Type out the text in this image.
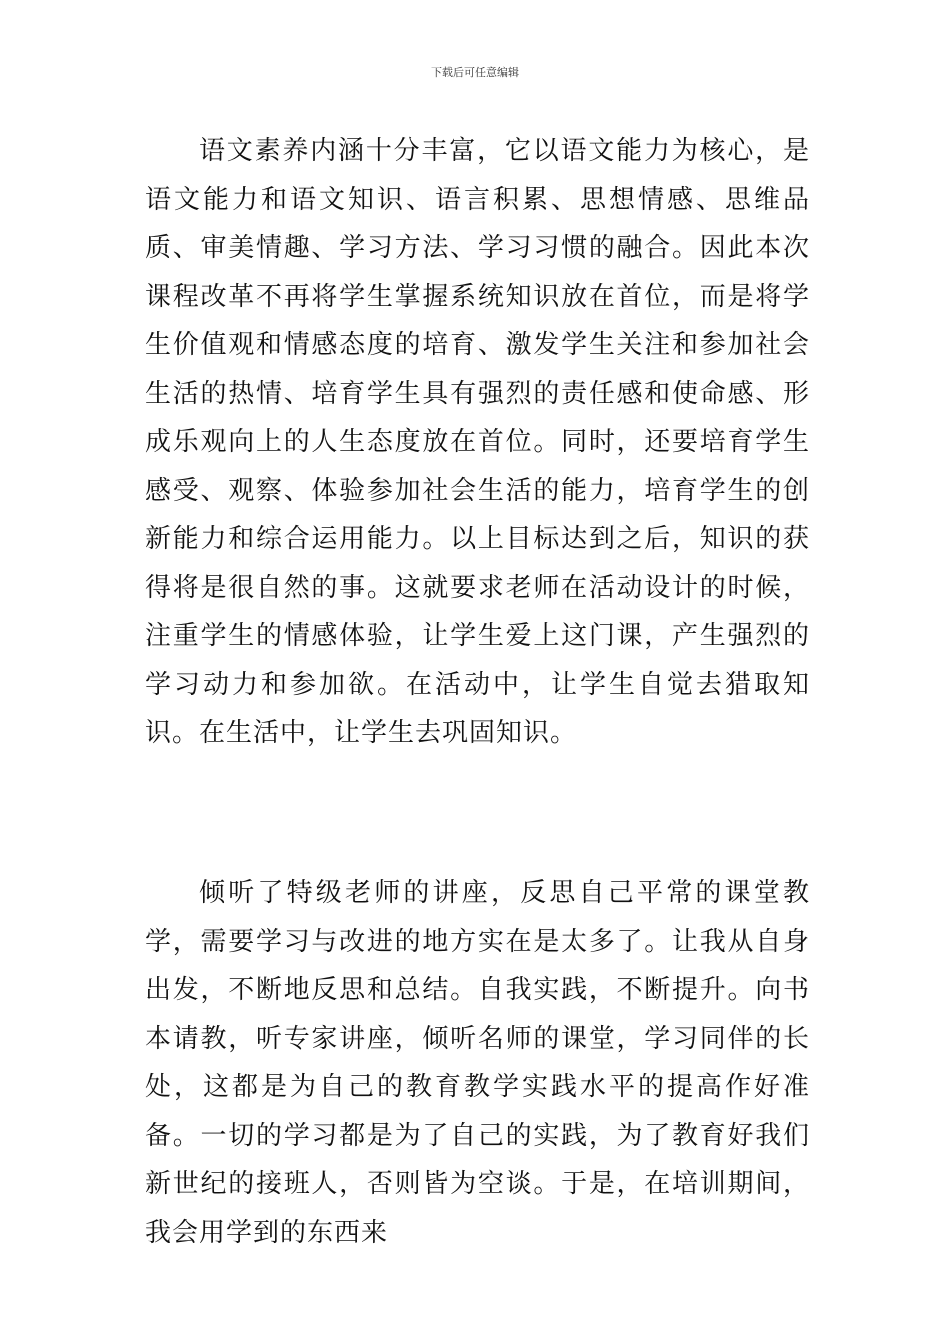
下载后可任意编辑

语文素养内涵十分丰富，它以语文能力为核心，是语文能力和语文知识、语言积累、思想情感、思维品质、审美情趣、学习方法、学习习惯的融合。因此本次课程改革不再将学生掌握系统知识放在首位，而是将学生价值观和情感态度的培育、激发学生关注和参加社会生活的热情、培育学生具有强烈的责任感和使命感、形成乐观向上的人生态度放在首位。同时，还要培育学生感受、观察、体验参加社会生活的能力，培育学生的创新能力和综合运用能力。以上目标达到之后，知识的获得将是很自然的事。这就要求老师在活动设计的时候，注重学生的情感体验，让学生爱上这门课，产生强烈的学习动力和参加欲。在活动中，让学生自觉去猎取知识。在生活中，让学生去巩固知识。

倾听了特级老师的讲座，反思自己平常的课堂教学，需要学习与改进的地方实在是太多了。让我从自身出发，不断地反思和总结。自我实践，不断提升。向书本请教，听专家讲座，倾听名师的课堂，学习同伴的长处，这都是为自己的教育教学实践水平的提高作好准备。一切的学习都是为了自己的实践，为了教育好我们新世纪的接班人，否则皆为空谈。于是，在培训期间，我会用学到的东西来
